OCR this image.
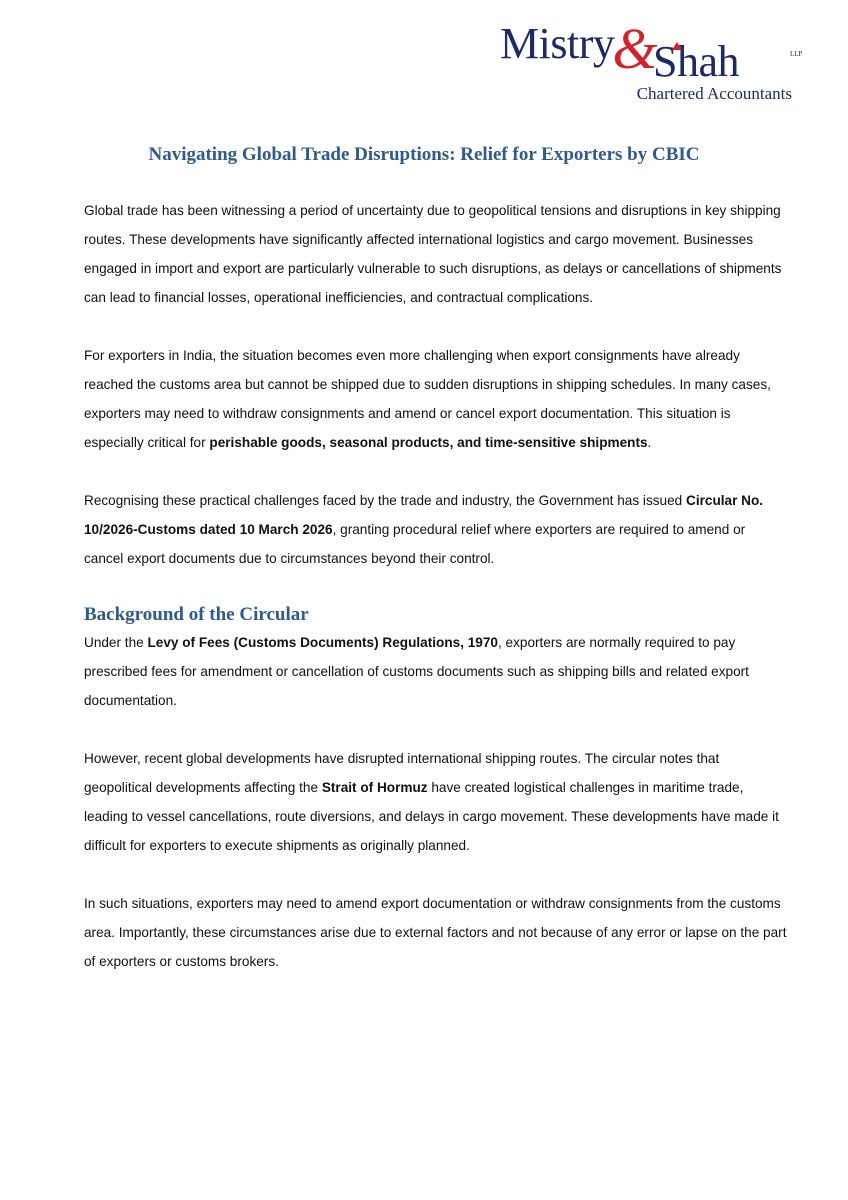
Mistry&Shah	LLP
Chartered Accountants
Navigating Global Trade Disruptions: Relief for Exporters by CBIC

Global trade has been witnessing a period of uncertainty due to geopolitical tensions and disruptions in key shipping routes. These developments have significantly affected international logistics and cargo movement. Businesses engaged in import and export are particularly vulnerable to such disruptions, as delays or cancellations of shipments can lead to financial losses, operational inefficiencies, and contractual complications.

For exporters in India, the situation becomes even more challenging when export consignments have already reached the customs area but cannot be shipped due to sudden disruptions in shipping schedules. In many cases, exporters may need to withdraw consignments and amend or cancel export documentation. This situation is especially critical for perishable goods, seasonal products, and time-sensitive shipments.

Recognising these practical challenges faced by the trade and industry, the Government has issued Circular No. 10/2026-Customs dated 10 March 2026, granting procedural relief where exporters are required to amend or cancel export documents due to circumstances beyond their control.

Background of the Circular

Under the Levy of Fees (Customs Documents) Regulations, 1970, exporters are normally required to pay prescribed fees for amendment or cancellation of customs documents such as shipping bills and related export documentation.

However, recent global developments have disrupted international shipping routes. The circular notes that geopolitical developments affecting the Strait of Hormuz have created logistical challenges in maritime trade, leading to vessel cancellations, route diversions, and delays in cargo movement. These developments have made it difficult for exporters to execute shipments as originally planned.

In such situations, exporters may need to amend export documentation or withdraw consignments from the customs area. Importantly, these circumstances arise due to external factors and not because of any error or lapse on the part of exporters or customs brokers.
